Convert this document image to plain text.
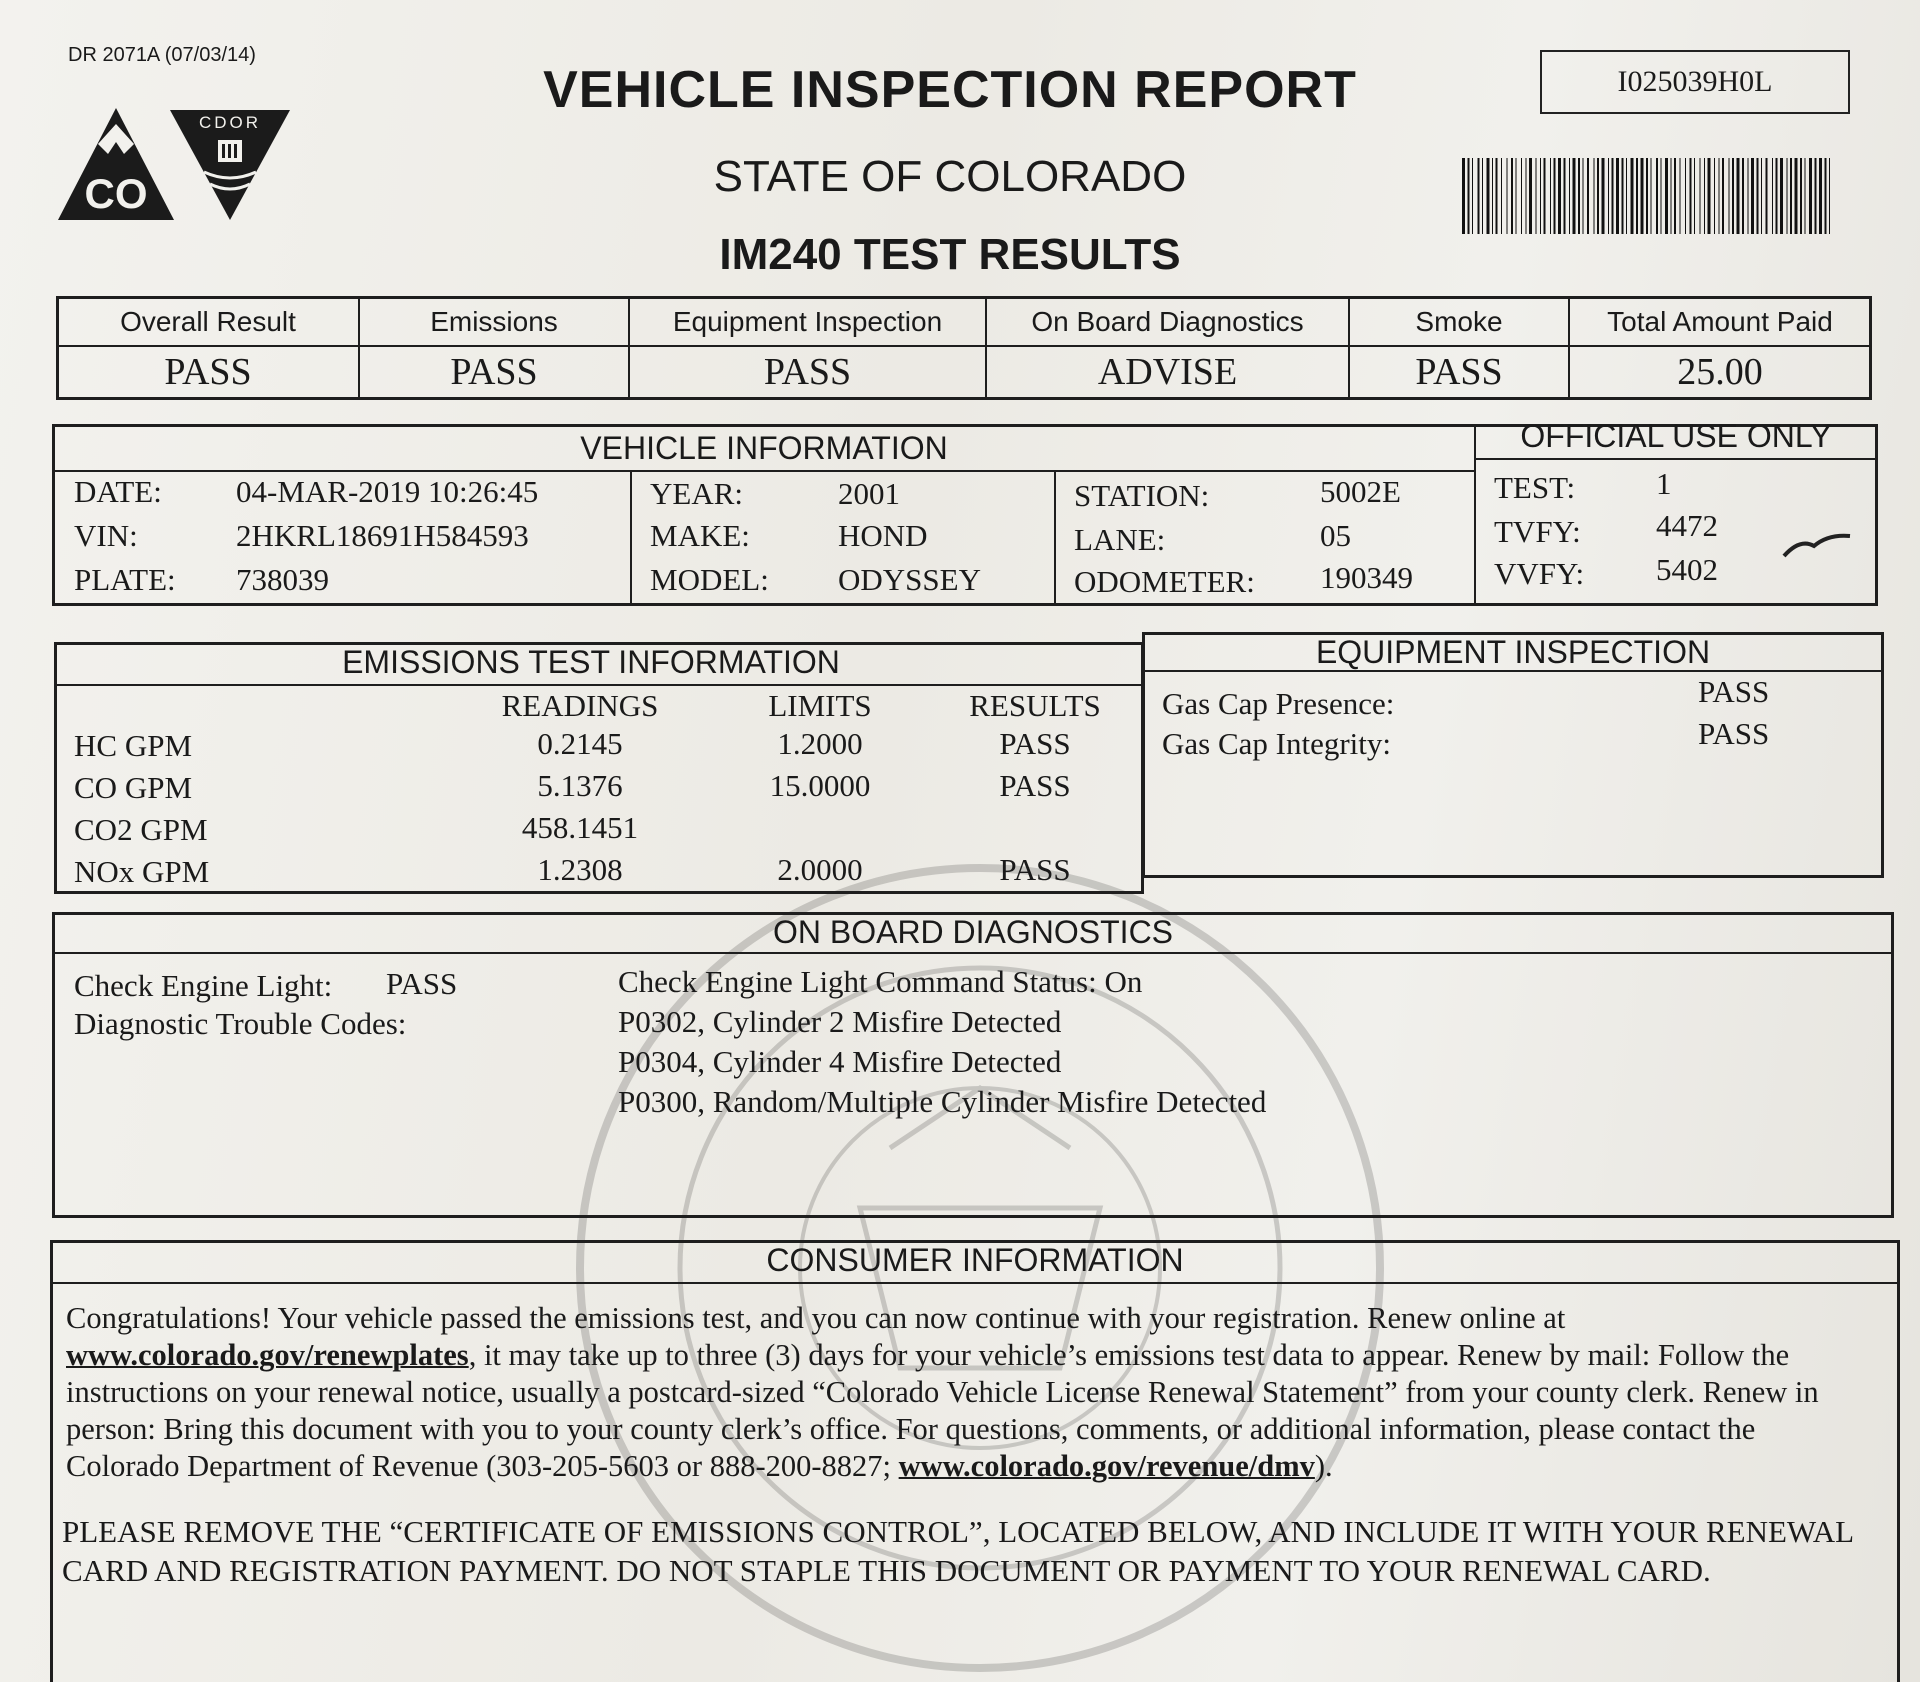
DR 2071A (07/03/14)
CO
CDOR
VEHICLE INSPECTION REPORT
STATE OF COLORADO
IM240 TEST RESULTS
I025039H0L
Overall Result	Emissions	Equipment Inspection	On Board Diagnostics	Smoke	Total Amount Paid
PASS	PASS	PASS	ADVISE	PASS	25.00
VEHICLE INFORMATION	OFFICIAL USE ONLY
DATE: 04-MAR-2019 10:26:45
VIN:	2HKRL18691H584593
PLATE: 738039
YEAR:	2001
MAKE:	HOND
MODEL: ODYSSEY
STATION:	5002E
LANE:	05
ODOMETER: 190349
TEST:	1
TVFY: 4472
VVFY: 5402
EMISSIONS TEST INFORMATION
READINGS	LIMITS	RESULTS
HC GPM	0.2145	1.2000	PASS
CO GPM	5.1376	15.0000	PASS
CO2 GPM	458.1451
NOx GPM	1.2308	2.0000	PASS
EQUIPMENT INSPECTION
Gas Cap Presence:	PASS
Gas Cap Integrity:	PASS
ON BOARD DIAGNOSTICS
Check Engine Light: PASS
Diagnostic Trouble Codes:
Check Engine Light Command Status: On
P0302, Cylinder 2 Misfire Detected
P0304, Cylinder 4 Misfire Detected
P0300, Random/Multiple Cylinder Misfire Detected
CONSUMER INFORMATION
Congratulations! Your vehicle passed the emissions test, and you can now continue with your registration. Renew online at www.colorado.gov/renewplates, it may take up to three (3) days for your vehicle’s emissions test data to appear. Renew by mail: Follow the instructions on your renewal notice, usually a postcard-sized “Colorado Vehicle License Renewal Statement” from your county clerk. Renew in person: Bring this document with you to your county clerk’s office. For questions, comments, or additional information, please contact the Colorado Department of Revenue (303-205-5603 or 888-200-8827; www.colorado.gov/revenue/dmv).
PLEASE REMOVE THE “CERTIFICATE OF EMISSIONS CONTROL”, LOCATED BELOW, AND INCLUDE IT WITH YOUR RENEWAL CARD AND REGISTRATION PAYMENT. DO NOT STAPLE THIS DOCUMENT OR PAYMENT TO YOUR RENEWAL CARD.
